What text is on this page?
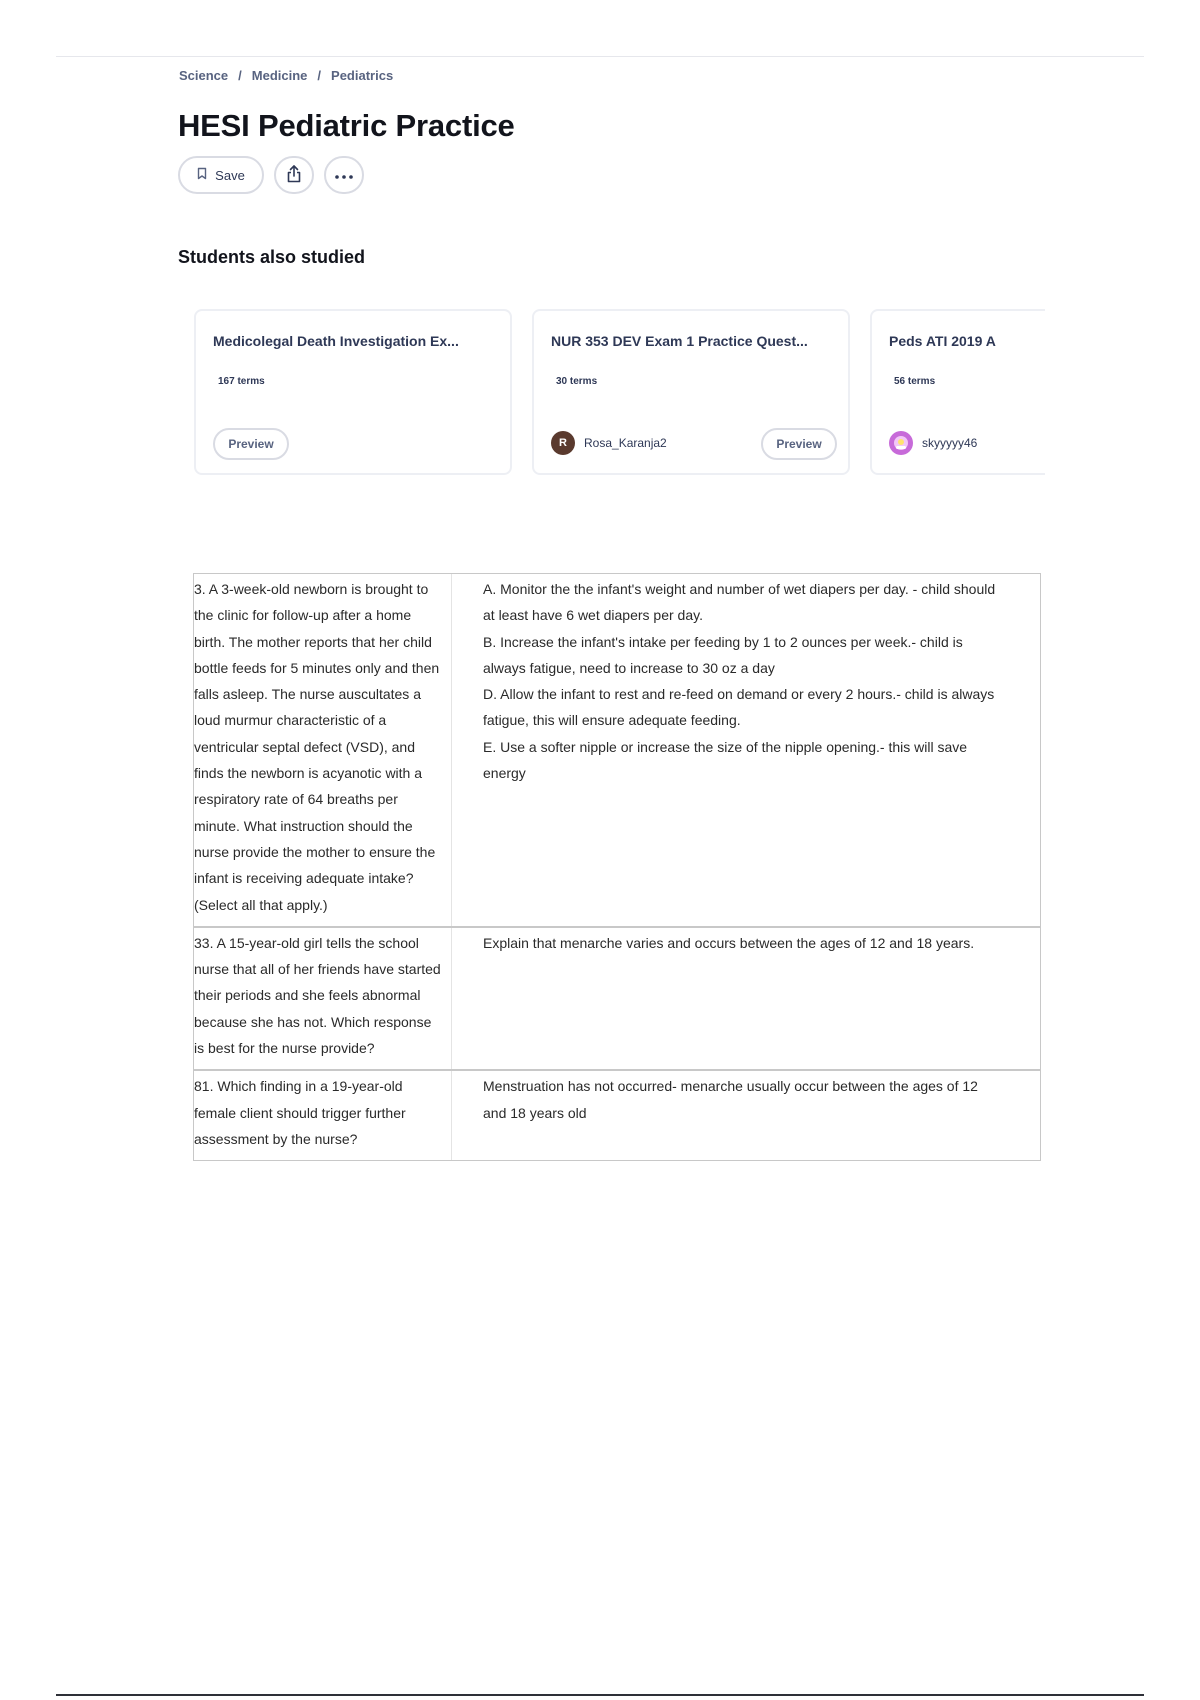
Science / Medicine / Pediatrics
HESI Pediatric Practice
Save
Students also studied
Medicolegal Death Investigation Ex...
167 terms
Preview
NUR 353 DEV Exam 1 Practice Quest...
30 terms
R	Rosa_Karanja2	Preview
Peds ATI 2019 A
56 terms
skyyyyy46
3. A 3-week-old newborn is brought to the clinic for follow-up after a home birth. The mother reports that her child bottle feeds for 5 minutes only and then falls asleep. The nurse auscultates a loud murmur characteristic of a ventricular septal defect (VSD), and finds the newborn is acyanotic with a respiratory rate of 64 breaths per minute. What instruction should the nurse provide the mother to ensure the infant is receiving adequate intake? (Select all that apply.)

A. Monitor the the infant's weight and number of wet diapers per day. - child should at least have 6 wet diapers per day.

B. Increase the infant's intake per feeding by 1 to 2 ounces per week.- child is always fatigue, need to increase to 30 oz a day

D. Allow the infant to rest and re-feed on demand or every 2 hours.- child is always fatigue, this will ensure adequate feeding.

E. Use a softer nipple or increase the size of the nipple opening.- this will save energy

33. A 15-year-old girl tells the school nurse that all of her friends have started their periods and she feels abnormal because she has not. Which response is best for the nurse provide?

Explain that menarche varies and occurs between the ages of 12 and 18 years.

81. Which finding in a 19-year-old female client should trigger further assessment by the nurse?

Menstruation has not occurred- menarche usually occur between the ages of 12 and 18 years old
